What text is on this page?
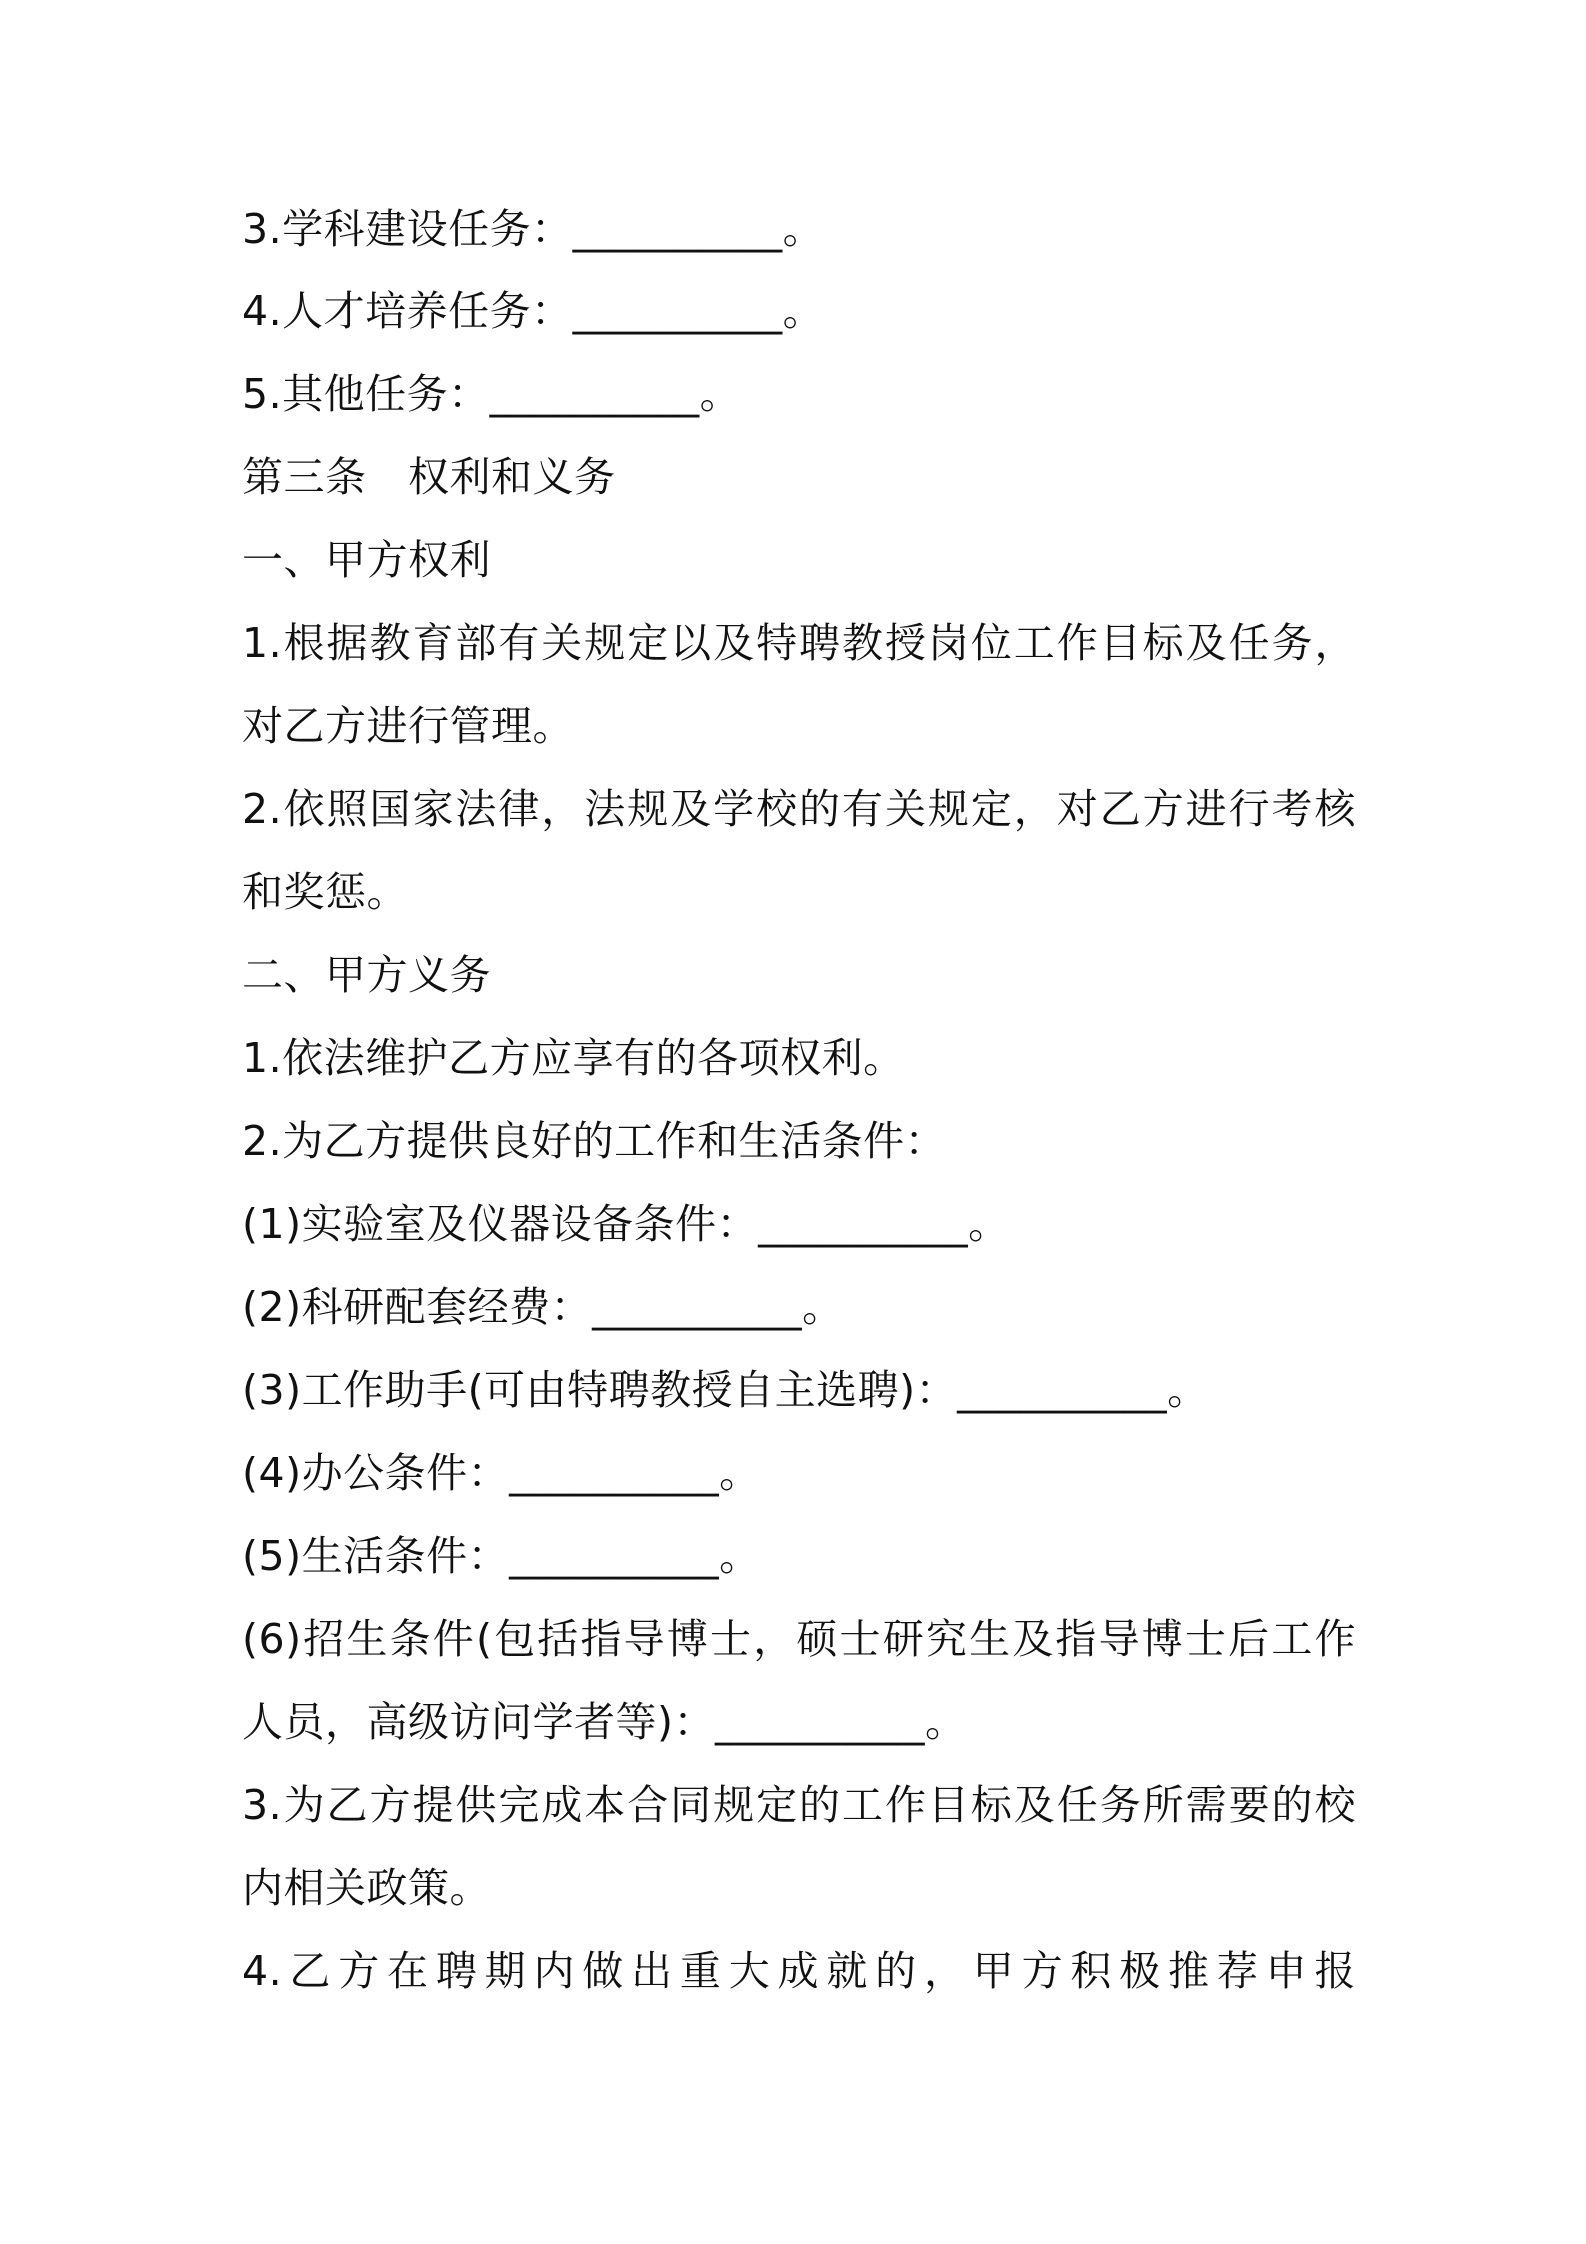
3.学科建设任务：__________。
4.人才培养任务：__________。
5.其他任务：__________。
第三条　权利和义务
一、甲方权利
1.根据教育部有关规定以及特聘教授岗位工作目标及任务，
对乙方进行管理。
2.依照国家法律，法规及学校的有关规定，对乙方进行考核
和奖惩。
二、甲方义务
1.依法维护乙方应享有的各项权利。
2.为乙方提供良好的工作和生活条件：
(1)实验室及仪器设备条件：__________。
(2)科研配套经费：__________。
(3)工作助手(可由特聘教授自主选聘)：__________。
(4)办公条件：__________。
(5)生活条件：__________。
(6)招生条件(包括指导博士，硕士研究生及指导博士后工作
人员，高级访问学者等)：__________。
3.为乙方提供完成本合同规定的工作目标及任务所需要的校
内相关政策。
4.乙方在聘期内做出重大成就的，甲方积极推荐申报
